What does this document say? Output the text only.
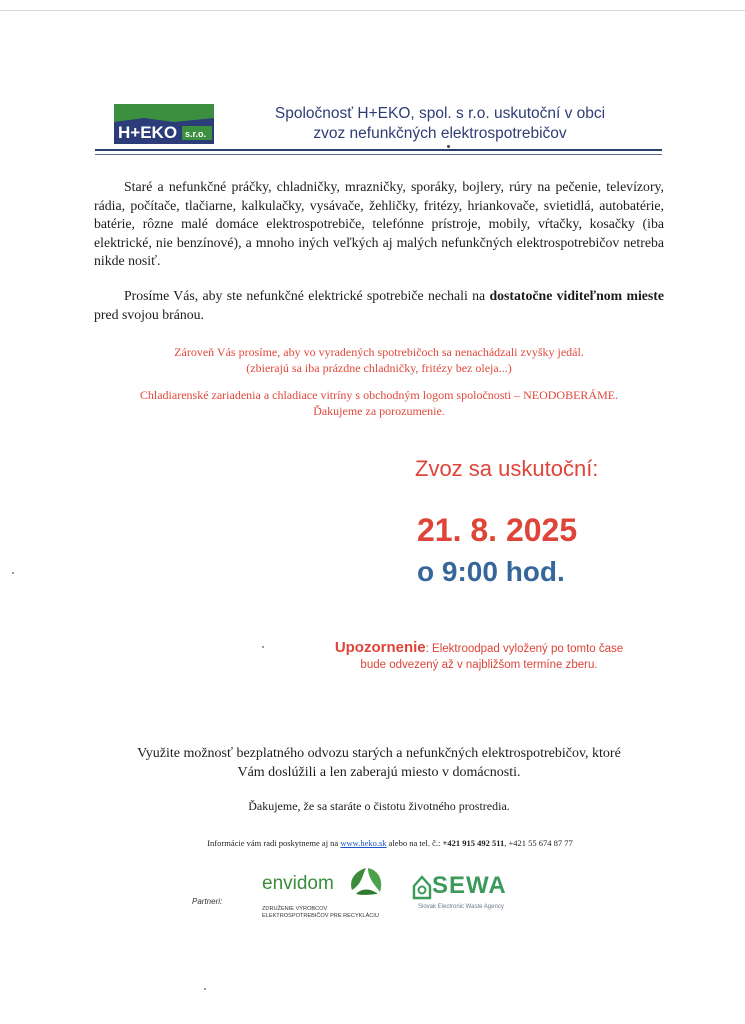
H+EKO s.r.o.
Spoločnosť H+EKO, spol. s r.o. uskutoční v obci
zvoz nefunkčných elektrospotrebičov

Staré a nefunkčné práčky, chladničky, mrazničky, sporáky, bojlery, rúry na pečenie, televízory, rádia, počítače, tlačiarne, kalkulačky, vysávače, žehličky, fritézy, hriankovače, svietidlá, autobatérie, batérie, rôzne malé domáce elektrospotrebiče, telefónne prístroje, mobily, vŕtačky, kosačky (iba elektrické, nie benzínové), a mnoho iných veľkých aj malých nefunkčných elektrospotrebičov netreba nikde nosiť.

Prosíme Vás, aby ste nefunkčné elektrické spotrebiče nechali na dostatočne viditeľnom mieste pred svojou bránou.

Zároveň Vás prosíme, aby vo vyradených spotrebičoch sa nenachádzali zvyšky jedál.
(zbierajú sa iba prázdne chladničky, fritézy bez oleja...)
Chladiarenské zariadenia a chladiace vitríny s obchodným logom spoločnosti – NEODOBERÁME.
Ďakujeme za porozumenie.
Zvoz sa uskutoční:
21. 8. 2025
o 9:00 hod.
Upozornenie: Elektroodpad vyložený po tomto čase
bude odvezený až v najbližšom termíne zberu.
Využite možnosť bezplatného odvozu starých a nefunkčných elektrospotrebičov, ktoré
Vám doslúžili a len zaberajú miesto v domácnosti.
Ďakujeme, že sa staráte o čistotu životného prostredia.
Informácie vám radi poskytneme aj na www.heko.sk alebo na tel. č.: +421 915 492 511, +421 55 674 87 77
Partneri:
envidom
ZDRUŽENIE VÝROBCOV
ELEKTROSPOTREBIČOV PRE RECYKLÁCIU
SEWA
Slovak Electronic Waste Agency
